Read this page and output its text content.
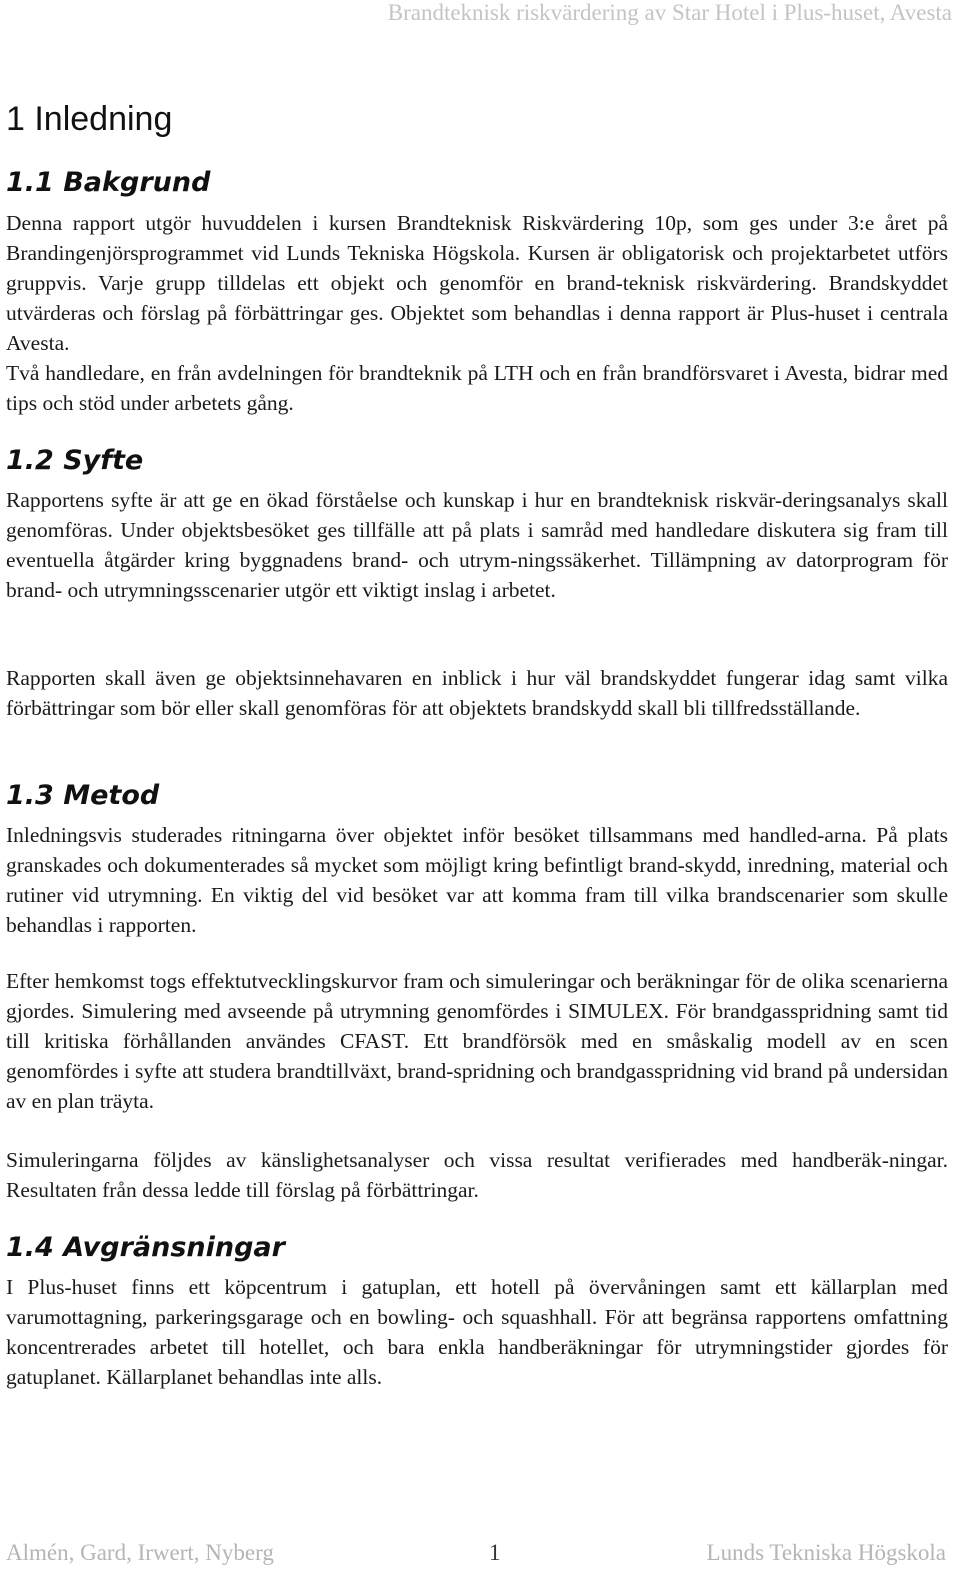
Brandteknisk riskvärdering av Star Hotel i Plus-huset, Avesta
1 Inledning
1.1 Bakgrund

Denna rapport utgör huvuddelen i kursen Brandteknisk Riskvärdering 10p, som ges under 3:e året på Brandingenjörsprogrammet vid Lunds Tekniska Högskola. Kursen är obligatorisk och projektarbetet utförs gruppvis. Varje grupp tilldelas ett objekt och genomför en brand-teknisk riskvärdering. Brandskyddet utvärderas och förslag på förbättringar ges. Objektet som behandlas i denna rapport är Plus-huset i centrala Avesta.

Två handledare, en från avdelningen för brandteknik på LTH och en från brandförsvaret i Avesta, bidrar med tips och stöd under arbetets gång.

1.2 Syfte

Rapportens syfte är att ge en ökad förståelse och kunskap i hur en brandteknisk riskvär-deringsanalys skall genomföras. Under objektsbesöket ges tillfälle att på plats i samråd med handledare diskutera sig fram till eventuella åtgärder kring byggnadens brand- och utrym-ningssäkerhet. Tillämpning av datorprogram för brand- och utrymningsscenarier utgör ett viktigt inslag i arbetet.

Rapporten skall även ge objektsinnehavaren en inblick i hur väl brandskyddet fungerar idag samt vilka förbättringar som bör eller skall genomföras för att objektets brandskydd skall bli tillfredsställande.

1.3 Metod

Inledningsvis studerades ritningarna över objektet inför besöket tillsammans med handled-arna. På plats granskades och dokumenterades så mycket som möjligt kring befintligt brand-skydd, inredning, material och rutiner vid utrymning. En viktig del vid besöket var att komma fram till vilka brandscenarier som skulle behandlas i rapporten.

Efter hemkomst togs effektutvecklingskurvor fram och simuleringar och beräkningar för de olika scenarierna gjordes. Simulering med avseende på utrymning genomfördes i SIMULEX. För brandgasspridning samt tid till kritiska förhållanden användes CFAST. Ett brandförsök med en småskalig modell av en scen genomfördes i syfte att studera brandtillväxt, brand-spridning och brandgasspridning vid brand på undersidan av en plan träyta.

Simuleringarna följdes av känslighetsanalyser och vissa resultat verifierades med handberäk-ningar. Resultaten från dessa ledde till förslag på förbättringar.

1.4 Avgränsningar

I Plus-huset finns ett köpcentrum i gatuplan, ett hotell på övervåningen samt ett källarplan med varumottagning, parkeringsgarage och en bowling- och squashhall. För att begränsa rapportens omfattning koncentrerades arbetet till hotellet, och bara enkla handberäkningar för utrymningstider gjordes för gatuplanet. Källarplanet behandlas inte alls.

Almén, Gard, Irwert, Nyberg	1	Lunds Tekniska Högskola
